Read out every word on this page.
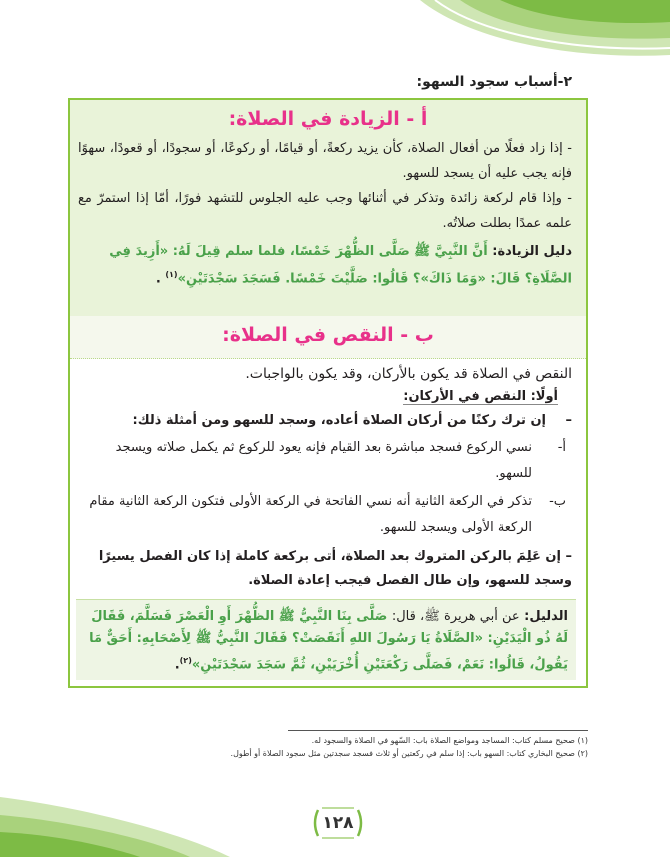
٢-أسباب سجود السهو:
أ - الزيادة في الصلاة:
- إذا زاد فعلًا من أفعال الصلاة، كأن يزيد ركعةً، أو قيامًا، أو ركوعًا، أو سجودًا، أو قعودًا، سهوًا فإنه يجب عليه أن يسجد للسهو.
- وإذا قام لركعة زائدة وتذكر في أثنائها وجب عليه الجلوس للتشهد فورًا، أمّا إذا استمرّ مع علمه عمدًا بطلت صلاتُه.
دليل الزيادة: أَنَّ النَّبِيَّ ﷺ صَلَّى الظُّهْرَ خَمْسًا، فلما سلم قِيلَ لَهُ: «أَزِيدَ فِي الصَّلَاةِ؟ قَالَ: «وَمَا ذَاكَ»؟ قَالُوا: صَلَّيْتَ خَمْسًا. فَسَجَدَ سَجْدَتَيْنِ»$^{(١)}$ .
ب - النقص في الصلاة:
النقص في الصلاة قد يكون بالأركان، وقد يكون بالواجبات.
أولًا: النقص في الأركان:
–إن ترك ركنًا من أركان الصلاة أعاده، وسجد للسهو ومن أمثلة ذلك:
أ-
نسي الركوع فسجد مباشرة بعد القيام فإنه يعود للركوع ثم يكمل صلاته ويسجد للسهو.
ب-
تذكر في الركعة الثانية أنه نسي الفاتحة في الركعة الأولى فتكون الركعة الثانية مقام الركعة الأولى ويسجد للسهو.
– إن عَلِمَ بالركن المتروك بعد الصلاة، أتى بركعة كاملة إذا كان الفصل يسيرًا وسجد للسهو، وإن طال الفصل فيجب إعادة الصلاة.
الدليل: عن أبي هريرة ﷺ، قال: صَلَّى بِنَا النَّبِيُّ ﷺ الظُّهْرَ أَوِ الْعَصْرَ فَسَلَّمَ، فَقَالَ لَهُ ذُو الْيَدَيْنِ: «الصَّلَاةُ يَا رَسُولَ اللهِ أَنَقَصَتْ؟ فَقَالَ النَّبِيُّ ﷺ لِأَصْحَابِهِ: أَحَقٌّ مَا يَقُولُ، قَالُوا: نَعَمْ، فَصَلَّى رَكْعَتَيْنِ أُخْرَيَيْنِ، ثُمَّ سَجَدَ سَجْدَتَيْنِ»$^{(٢)}$.
(١) صحيح مسلم كتاب: المساجد ومواضع الصلاة باب: السّهو في الصلاة والسجود له.
(٢) صحيح البخاري كتاب: السهو باب: إذا سلم في ركعتين أو ثلاث فسجد سجدتين مثل سجود الصلاة أو أطول.
١٢٨
